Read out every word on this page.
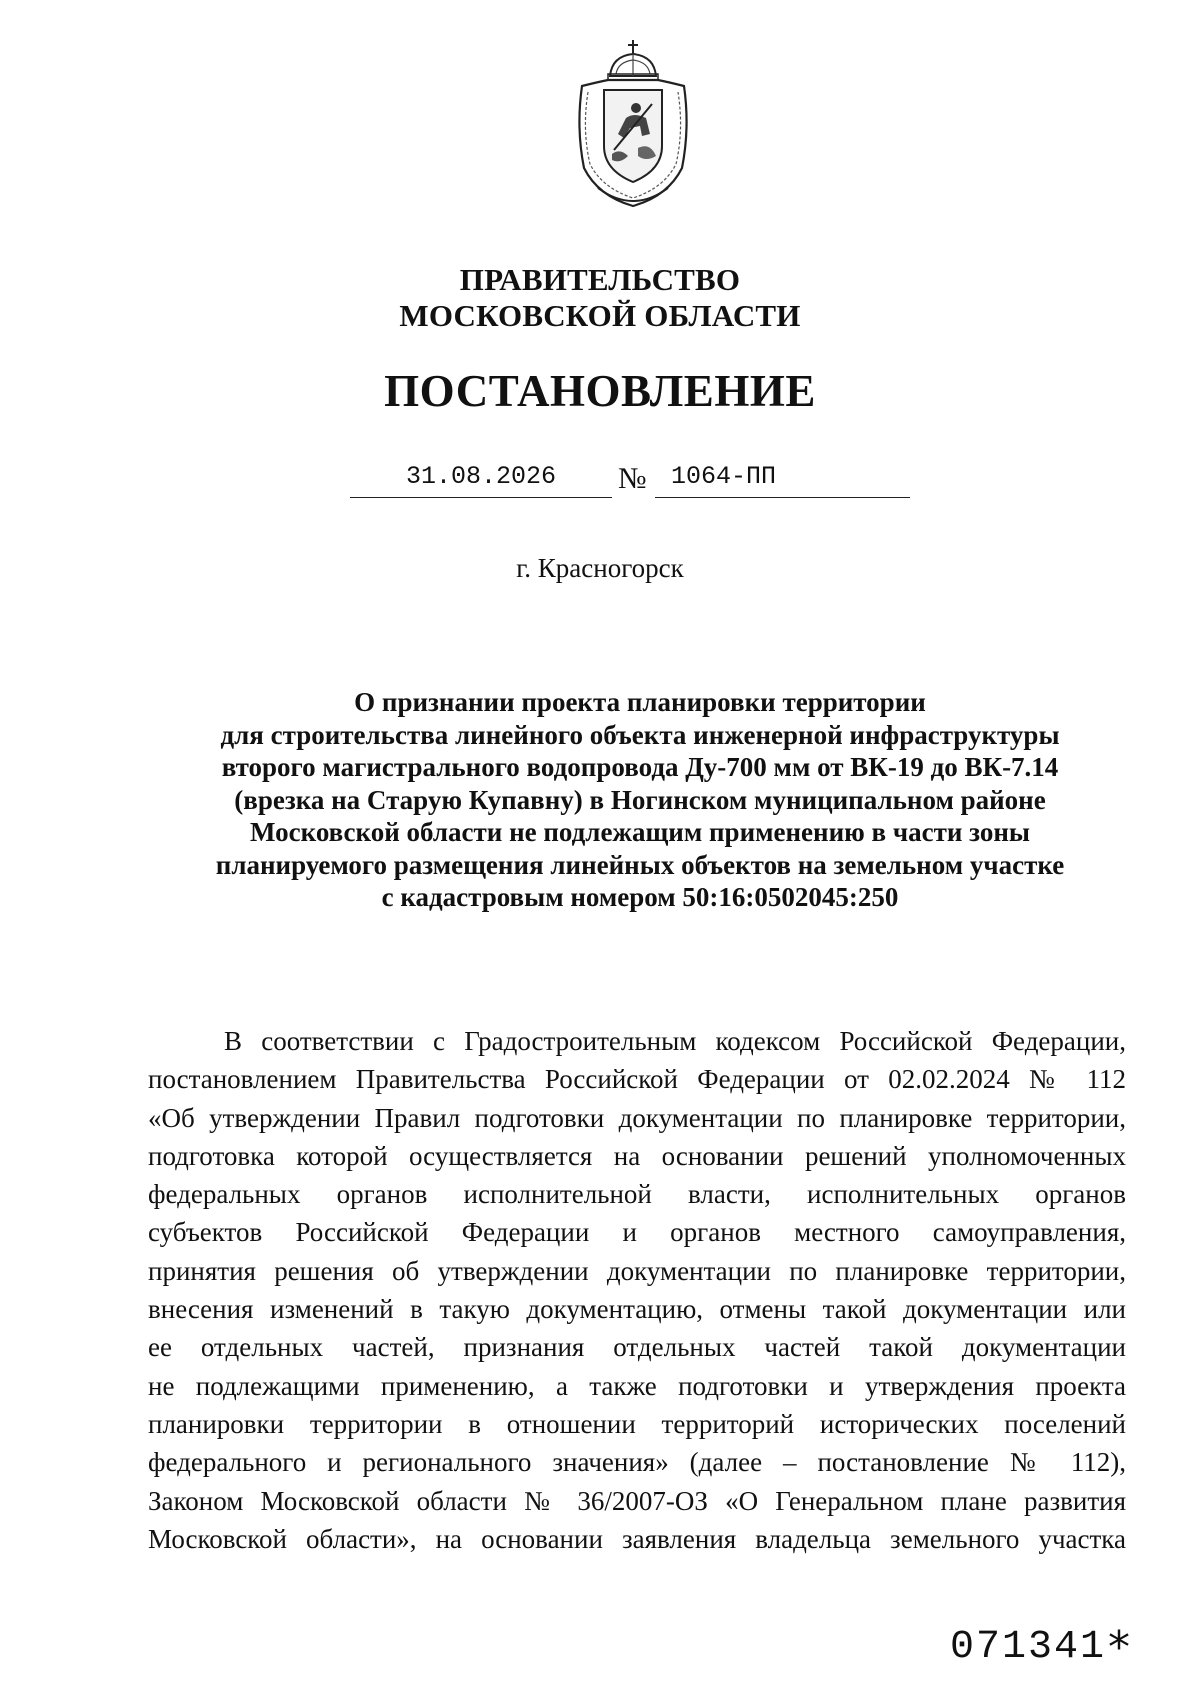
ПРАВИТЕЛЬСТВО
МОСКОВСКОЙ ОБЛАСТИ
ПОСТАНОВЛЕНИЕ
31.08.2026	№ 1064-ПП
г. Красногорск
О признании проекта планировки территории
для строительства линейного объекта инженерной инфраструктуры
второго магистрального водопровода Ду-700 мм от ВК-19 до ВК-7.14
(врезка на Старую Купавну) в Ногинском муниципальном районе
Московской области не подлежащим применению в части зоны
планируемого размещения линейных объектов на земельном участке
с кадастровым номером 50:16:0502045:250
В соответствии с Градостроительным кодексом Российской Федерации,
постановлением Правительства Российской Федерации от 02.02.2024 № 112
«Об утверждении Правил подготовки документации по планировке территории,
подготовка которой осуществляется на основании решений уполномоченных
федеральных органов исполнительной власти, исполнительных органов
субъектов Российской Федерации и органов местного самоуправления,
принятия решения об утверждении документации по планировке территории,
внесения изменений в такую документацию, отмены такой документации или
ее отдельных частей, признания отдельных частей такой документации
не подлежащими применению, а также подготовки и утверждения проекта
планировки территории в отношении территорий исторических поселений
федерального и регионального значения» (далее – постановление № 112),
Законом Московской области № 36/2007-ОЗ «О Генеральном плане развития
Московской области», на основании заявления владельца земельного участка
071341 *
